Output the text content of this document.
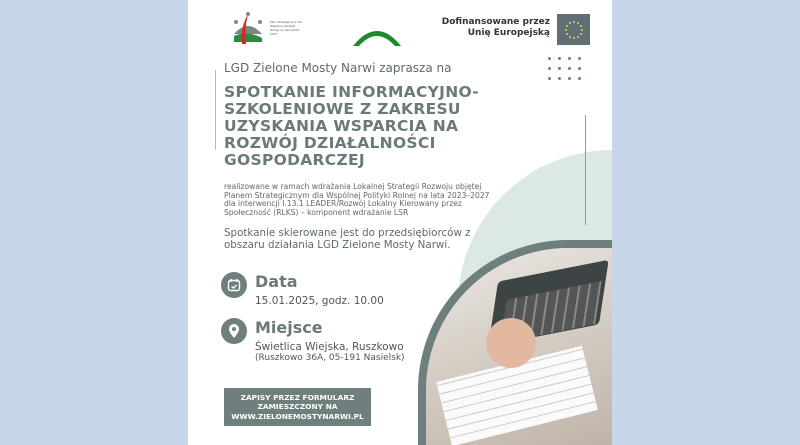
Plan Strategiczny dla Wspólnej Polityki Rolnej na lata 2023-2027
Dofinansowane przez Unię Europejską
LGD Zielone Mosty Narwi zaprasza na
SPOTKANIE INFORMACYJNO-SZKOLENIOWE Z ZAKRESU UZYSKANIA WSPARCIA NA ROZWÓJ DZIAŁALNOŚCI GOSPODARCZEJ
realizowane w ramach wdrażania Lokalnej Strategii Rozwoju objętej Planem Strategicznym dla Wspólnej Polityki Rolnej na lata 2023–2027 dla interwencji I.13.1 LEADER/Rozwój Lokalny Kierowany przez Społeczność (RLKS) – komponent wdrażanie LSR
Spotkanie skierowane jest do przedsiębiorców z obszaru działania LGD Zielone Mosty Narwi.
Data
15.01.2025, godz. 10.00
Miejsce
Świetlica Wiejska, Ruszkowo
(Ruszkowo 36A, 05-191 Nasielsk)
ZAPISY PRZEZ FORMULARZ
ZAMIESZCZONY NA
WWW.ZIELONEMOSTYNARWI.PL
